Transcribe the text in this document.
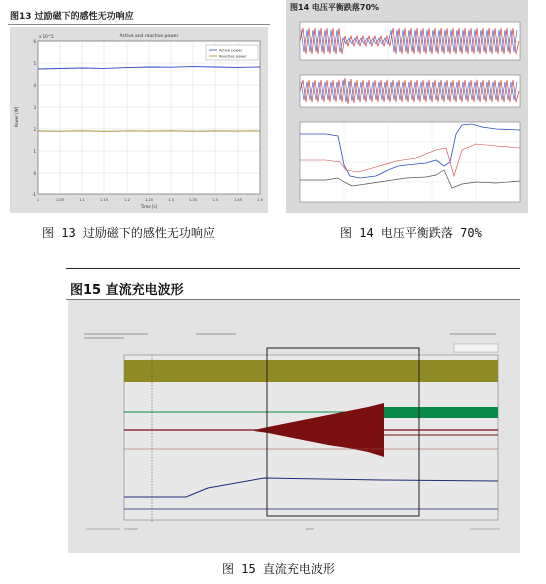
图13 过励磁下的感性无功响应
Active and reactive power
x 10^5
Active power
Reactive power
6
5
4
3
2
1
0
-1
1	1.05	1.1	1.15	1.2	1.25	1.3	1.35	1.4	1.45	1.5
Time [s]
Power [W]
图14 电压平衡跌落70%
图 13 过励磁下的感性无功响应	图 14 电压平衡跌落 70%
图15 直流充电波形
图 15 直流充电波形
